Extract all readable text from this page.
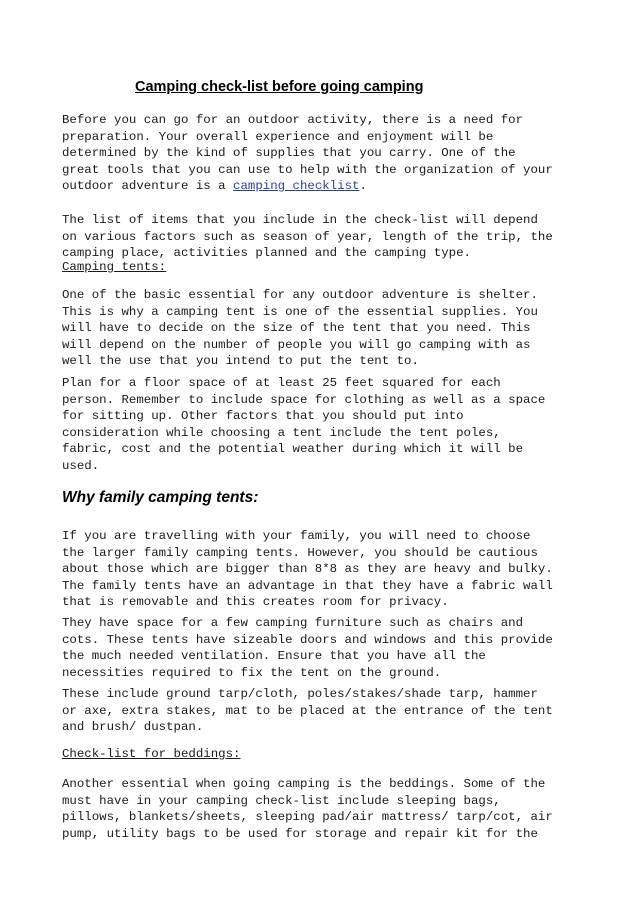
Camping check-list before going camping
Before you can go for an outdoor activity, there is a need for
preparation. Your overall experience and enjoyment will be
determined by the kind of supplies that you carry. One of the
great tools that you can use to help with the organization of your
outdoor adventure is a camping checklist.
The list of items that you include in the check-list will depend
on various factors such as season of year, length of the trip, the
camping place, activities planned and the camping type.
Camping tents:
One of the basic essential for any outdoor adventure is shelter.
This is why a camping tent is one of the essential supplies. You
will have to decide on the size of the tent that you need. This
will depend on the number of people you will go camping with as
well the use that you intend to put the tent to.
Plan for a floor space of at least 25 feet squared for each
person. Remember to include space for clothing as well as a space
for sitting up. Other factors that you should put into
consideration while choosing a tent include the tent poles,
fabric, cost and the potential weather during which it will be
used.
Why family camping tents:
If you are travelling with your family, you will need to choose
the larger family camping tents. However, you should be cautious
about those which are bigger than 8*8 as they are heavy and bulky.
The family tents have an advantage in that they have a fabric wall
that is removable and this creates room for privacy.
They have space for a few camping furniture such as chairs and
cots. These tents have sizeable doors and windows and this provide
the much needed ventilation. Ensure that you have all the
necessities required to fix the tent on the ground.
These include ground tarp/cloth, poles/stakes/shade tarp, hammer
or axe, extra stakes, mat to be placed at the entrance of the tent
and brush/ dustpan.
Check-list for beddings:
Another essential when going camping is the beddings. Some of the
must have in your camping check-list include sleeping bags,
pillows, blankets/sheets, sleeping pad/air mattress/ tarp/cot, air
pump, utility bags to be used for storage and repair kit for the
